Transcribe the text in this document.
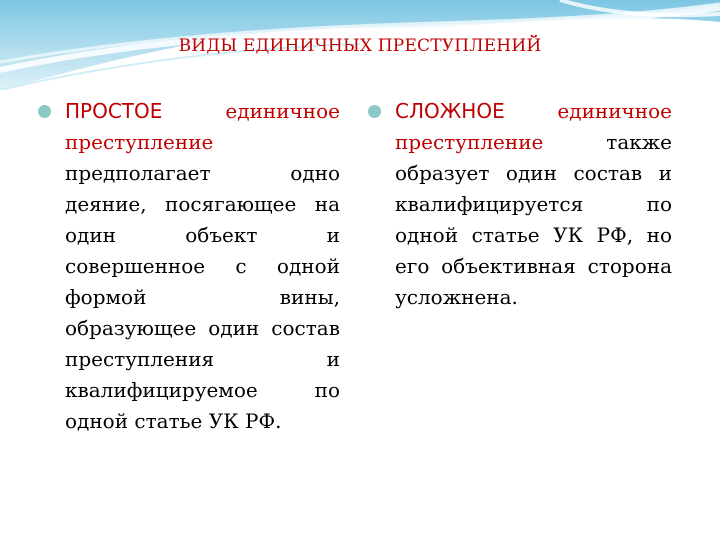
ВИДЫ ЕДИНИЧНЫХ ПРЕСТУПЛЕНИЙ
ПРОСТОЕ единичное преступление предполагает одно деяние, посягающее на один объект и совершенное с одной формой вины, образующее один состав преступления и квалифицируемое по одной статье УК РФ.
СЛОЖНОЕ единичное преступление также образует один состав и квалифицируется по одной статье УК РФ, но его объективная сторона усложнена.
